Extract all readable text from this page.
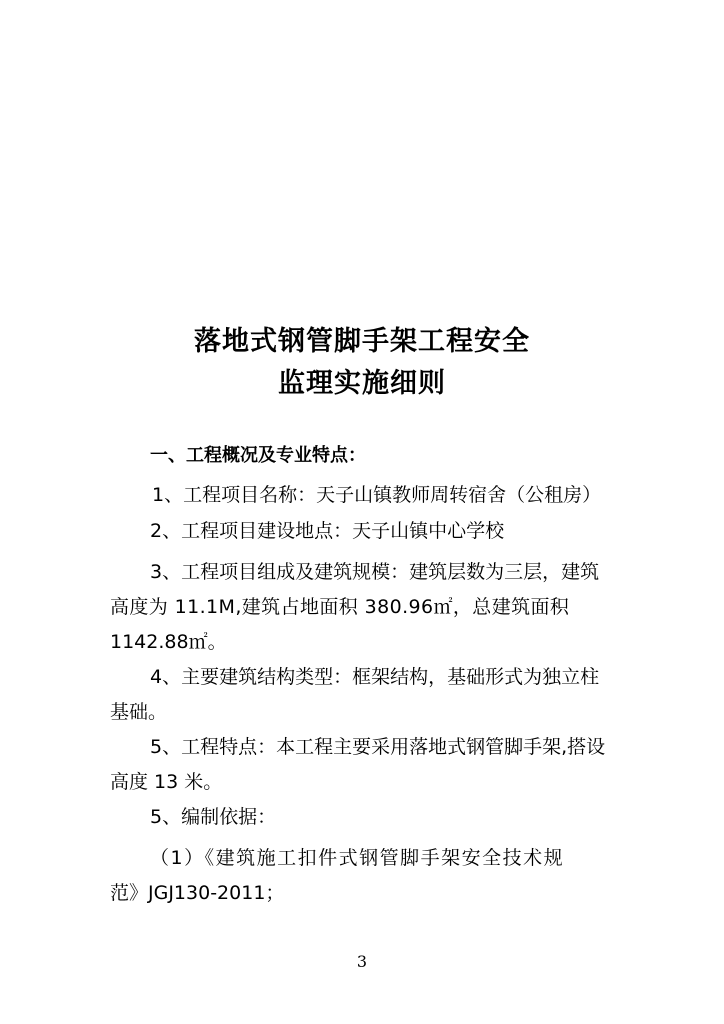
落地式钢管脚手架工程安全
监理实施细则
一、工程概况及专业特点：
1、工程项目名称：天子山镇教师周转宿舍（公租房）
2、工程项目建设地点：天子山镇中心学校
3、工程项目组成及建筑规模：建筑层数为三层，建筑
高度为 11.1M,建筑占地面积 380.96㎡，总建筑面积
1142.88㎡。
4、主要建筑结构类型：框架结构，基础形式为独立柱
基础。
5、工程特点：本工程主要采用落地式钢管脚手架,搭设
高度 13 米。
5、编制依据：
（1）《建筑施工扣件式钢管脚手架安全技术规
范》JGJ130-2011；
3
